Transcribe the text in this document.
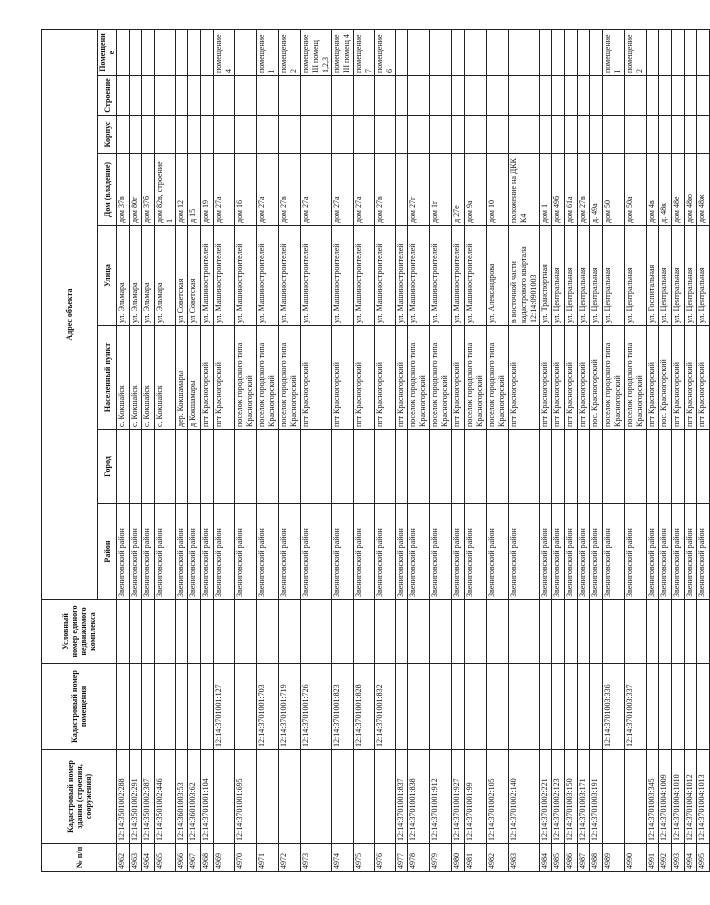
№ п/п	Кадастровый номер здания (строения, сооружения)	Кадастровый номер помещения	Условный номер единого недвижимого комплекса	Адрес объекта							
				Район	Город	Населенный пункт	Улица	Дом (владение)	Корпус	Строение	Помещение
4962	12:14:3501002:288			Звениговский район		с. Кокшайск	ул. Эльмара	дом 37в			
4963	12:14:3501002:291			Звениговский район		с. Кокшайск	ул. Эльмара	дом 80г			
4964	12:14:3501002:387			Звениговский район		с. Кокшайск	ул. Эльмара	дом 37б			
4965	12:14:3501002:446			Звениговский район		с. Кокшайск	ул. Эльмара	дом 82в, строение 1			
4966	12:14:3601003:53			Звениговский район		дер. Кокшамары	ул Советская	дом 12			
4967	12:14:3601003:62			Звениговский район		д Кокшамары	ул Советская	д 15			
4968	12:14:3701001:104			Звениговский район		пгт Красногорский	ул. Машиностроителей	дом 19			
4969		12:14:3701001:127		Звениговский район		пгт Красногорский	ул. Машиностроителей	дом 27а			помещение 4
4970	12:14:3701001:695			Звениговский район		поселок городского типа Красногорский	ул. Машиностроителей	дом 16			
4971		12:14:3701001:703		Звениговский район		поселок городского типа Красногорский	ул. Машиностроителей	дом 27а			помещение I
4972		12:14:3701001:719		Звениговский район		поселок городского типа Красногорский	ул. Машиностроителей	дом 27в			помещение 2
4973		12:14:3701001:726		Звениговский район		пгт Красногорский	ул. Машиностроителей	дом 27а			помещение III помещ 1,2,3
4974		12:14:3701001:823		Звениговский район		пгт Красногорский	ул. Машиностроителей	дом 27а			помещение III помещ 4
4975		12:14:3701001:828		Звениговский район		пгт Красногорский	ул. Машиностроителей	дом 27а			помещение 7
4976		12:14:3701001:832		Звениговский район		пгт Красногорский	ул. Машиностроителей	дом 27в			помещение 6
4977	12:14:3701001:837			Звениговский район		пгт Красногорский	ул. Машиностроителей				
4978	12:14:3701001:838			Звениговский район		поселок городского типа Красногорский	ул. Машиностроителей	дом 27г			
4979	12:14:3701001:912			Звениговский район		поселок городского типа Красногорский	ул. Машиностроителей	дом 1г			
4980	12:14:3701001:927			Звениговский район		пгт Красногорский	ул. Машиностроителей	д 27е			
4981	12:14:3701001:99			Звениговский район		поселок городского типа Красногорский	ул. Машиностроителей	дом 9а			
4982	12:14:3701002:105			Звениговский район		поселок городского типа Красногорский	ул. Александрова	дом 10			
4983	12:14:3701002:140			Звениговский район		пгт Красногорский	в восточной части кадастрового квартала 12:14:0901003	положение на ДКК К4			
4984	12:14:3701002:221			Звениговский район		пгт Красногорский	ул. Транспортная	дом 1			
4985	12:14:3701002:123			Звениговский район		пгт Красногорский	ул. Центральная	дом 49б			
4986	12:14:3701003:150			Звениговский район		пгт Красногорский	ул. Центральная	дом 61а			
4987	12:14:3701003:171			Звениговский район		пгт Красногорский	ул. Центральная	дом 27в			
4988	12:14:3701003:191			Звениговский район		пос. Красногорский	ул. Центральная	д. 49а			
4989		12:14:3701003:336		Звениговский район		поселок городского типа Красногорский	ул. Центральная	дом 50			помещение I
4990		12:14:3701003:337		Звениговский район		поселок городского типа Красногорский	ул. Центральная	дом 50а			помещение 2
4991	12:14:3701003:345			Звениговский район		пгт Красногорский	ул. Госпитальная	дом 4в			
4992	12:14:3701004:1009			Звениговский район		пос. Красногорский	ул. Центральная	д. 48к			
4993	12:14:3701004:1010			Звениговский район		пгт Красногорский	ул. Центральная	дом 48е			
4994	12:14:3701004:1012			Звениговский район		пгт Красногорский	ул. Центральная	дом 48ю			
4995	12:14:3701004:1013			Звениговский район		пгт Красногорский	ул. Центральная	дом 48ж			
